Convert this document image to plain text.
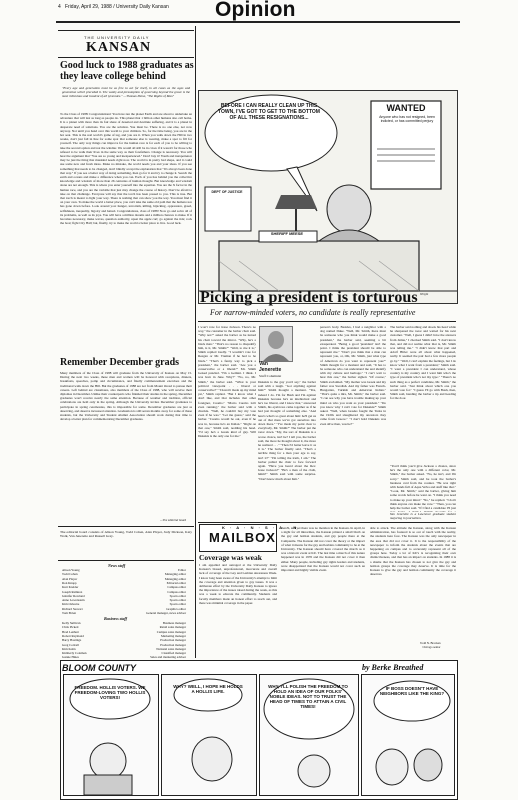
4 Friday, April 29, 1988 / University Daily Kansan Opinion
THE UNIVERSITY DAILY
KANSAN
Good luck to 1988 graduates as they leave college behind
"Every age and generation must be as free to act for itself, in all cases as the ages and generation which preceded it. The vanity and presumption of governing beyond the grave is the most ridiculous and insolent of all tyrannies." —Thomas Paine, "The Rights of Man"
To the Class of 1988: Congratulations! You have run the planet Earth and are about to undertake an adventure that will last as long as people do. This planet that 1 billion other humans also call home. It is a planet with more than its fair share of deserted and destitute suffering, and it is a planet in desperate need of solutions. You are the solution. You must be. There is no one else, not now anyway. Not until you hand over this world to your children. So, for the time being, you are in the hot seat. This is the real world's game of tag, and you are it. When you walk down the Hill in two weeks, don't just fall in line for some spot that someone else is wearing, make a spot to fill for yourself. The only way things can improve for the human race is for each of you to be willing to take the second option and not the windier. We would all still be in caves if it weren't for those who refused to be walk their lives in the same way as their forefathers. Change is necessary. You will hear the argument that "You are so young and inexperienced." Don't buy it! Youth and inexperience may be just the thing that mankind needs right now. The world is in pretty bad shape, and it could use some new and fresh ideas. Make no mistake, the world needs you and your ideas. If you see something that needs to be changed, don't blindly accept the explanation that "It's always been done that way." If you see a better way of doing something, then go for it and try to change it. Search the earth and oceans and make a difference when you can. Each of you has behind you the collective knowledge and wisdom of more than 26 centuries of human thought. But knowledge and wisdom alone are not enough. This is where you enter yourself into the equation. You are the X factor in the human race, and you are the variable that just may change the course of history. Don't be afraid to take on that challenge. Everyone will say that the torch has been passed to you. This is true. But that torch is meant to light your way. There is nothing that can show you the way. You must find it on your own. To make the world a better place, you can't take the same old path that the human race has gone down before. Look around you: hunger, terrorism, killing, hijacking, oppression, greed, selfishness, inequality, bigotry and hatred. Congratulations, class of 1988! Now go and solve all of its problems, as well as its joys. You will have a million dreams and a million chances to make. If it becomes necessary, make waves, question authority, upset the apple cart; go against the tide; rock the boat; fight City Hall; but, finally, try to make the world a better place to live. Good luck.
Remember December grads
Many members of the Class of 1988 will graduate from the University of Kansas on May 15. During the next two weeks, these men and women will be honored with receptions, dinners, breakfasts, speeches, pomp and circumstance, and finally commencement exercises and the traditional walk down the Hill. But the graduates of 1988 are not from Mount Oread to pursue their careers. Left behind are classmates, also members of the Class of 1988, who will receive their diplomas in December. Unlike their counterparts who finished their studies in the spring, December graduates won't receive nearly the same attention. Because of weather and tradition, official celebrations are held only in the spring. Although the University invites December graduates to participate in spring ceremonies, this is impossible for some. December graduates are just as deserving, and deserve increased attention. Graduation is still seven months away for some of these students, but the University and Student Alumni Association should work during that time to develop a better plan for commemorating December graduates.
—The editorial board
The editorial board consists of Alison Young, Todd Cohen, Alan Player, Judy Dickson, Katy Wolk, Van Jenerette and Russell Gray.
News staff
Alison Young	Editor
Todd Cohen	Managing editor
Alan Player	Managing editor
Ron Knapp	Editorial editor
Kurt Kreider	Campus editor
Joseph Ramirez	Campus editor
Jennifer Rowland	Sports editor
Anne Lowenstein	Sports editor
Kim Osborne	Sports editor
Richard Stewart	Graphics editor
Tom Eblen	General manager, news adviser
Business staff
Kelly Sullivan	Business manager
Chris Pickett	Retail sales manager
Brad Lenhart	Campus sales manager
Robert Raymond	Marketing manager
Barry Hastings	Production manager
Greg Cottrell	Production manager
Kim Kohn	National sales manager
Kimberly Coleman	Classified manager
Jeanne Hines	Sales and marketing adviser
BEFORE I CAN REALLY CLEAN UP THIS TOWN, I'VE GOT TO GET TO THE BOTTOM OF ALL THESE RESIGNATIONS...
WANTED
Anyone who has not resigned, been indicted, or has committed perjury
SHERIFF MEESE
DEPT OF JUSTICE
Wright
Picking a president is torturous
For narrow-minded voters, no candidate is really representative
I won't vote for Jesse Jackson. There's no way," the customer in the barber chair said. "Why not?" asked the barber as he turned his chair toward the mirror. "Why, he's a black man." "That's no reason to disqualify him, is it, Mr. Smith?" "Well, to me it is," Smith replied loudly. "I wouldn't vote for Reagan or Mr. Truman if he had to be black." "That's a funny way to pick a president," the barber said. "Are you a conservative or a liberal?" Mr. Smith looked puzzled. "I'm a Gemini. I think. I was born in June. Why?" "No, no, Mr. Smith," the barber said. "What is your political viewpoint . . . liberal or conservative?" "I haven't made up my mind yet," Smith replied. "But I know what I don't like, and that includes that other foreigner, Cuomo." "Mario Cuomo isn't even running," the barber said with a chuckle. "Well, he couldn't buy my vote even if he was." "Let me guess," said the barber. "Cuomo would be out, even if he was in, because he's an Italian." "Right on that one," Smith said, nodding his head. "I'd say he's a Greek kind of guy. Will Dukakis is the only one for me."
Van
Jenerette
Staff Columnist
Dukakis is the guy you'd say," the barber said with a laugh. "Got anything against him?" Smith thought a moment. "Yes, indeed I do. I'm for Bush and I'm against Dukakis because he's an intellectual and he's too liberal, and I know that," answered Smith, his eyebrows came together as if he had just thought of something else. "And here's what's so great about him: he'll get us out of that mess we've got ourselves into down there." "I've made my point clear to everybody, Mr. Smith?" The barber put the razor down. "My, the sort of Dukakis is a worse choice, isn't he? I tell you, the barber said, the more he thought about it, the more he realized . . ." "Then I'd better leave it as it is." The barber finally said. "That's a terrible thing for a man your age to say, isn't it?" "I'm telling the truth, I am." The barber pulled the chair to face forward again. "Have you heard about the Rev. Jesse Jackson?" "He's a man of the cloth, hmm?" Smith said with some surprise. "Don't know much about him."
person's body. Besides, I had a neighbor with a dog named Duke. "Well, Mr. Smith, there must be someone who you think would make a good president," the barber said, seeming a bit exasperated. "Being a good 'president' isn't the point. I think the president should be able to represent me." "Don't you think that a man can represent you, or, OK, Mr. Smith, just what type of American do you want to represent you?" Smith thought for a moment and said, "It has to be someone who can understand me and identify with my culture and heritage." "I can't wait to hear this one," the barber sighed. "Of course," Smith exclaimed. "My mother was Greek and my father was Swedish. And my father was French-Hungarian, Turkish and American Indian." "That's quite a mix, Mr. Smith," the barber said. "I can see why you have trouble making up your mind on who you want as your president." "Do you know why I can't vote for Dukakis?" Smith asked. "Well, when Greeks fought the Turks in the 1920s and slaughtered my ancestors they came from Greece." "I don't hold Dukakis was even alive then, was he?"
The barber said nothing and shook his head while he sharpened the razor and waited for his next customer. "Well, I guess I didn't have the answers from Jamie," I checked Smith said. "I don't know that, and did not realize what that is, Mr. Smith was telling me." "I didn't know that part and Adolf Hitler were all about what happened, really. It seemed the pair had a few more people go by." "Well, I can't explain the feelings, but I do know what I want from a president," Smith said. "I want a president I can understand, whose country is my country and I want him who's the type of president who's not my type." "There's no such thing as a perfect candidate, Mr. Smith," the barber said. "Just think about which one you would vote for." "I guess I'll go with Bush, then, Smith said, handing the barber a tip and heading for the door.
"You'd think you'd give Jackson a chance, since he's the only one with a different color, Mr. Smith," the barber asked. "No, he isn't, and I'm sorry." Smith said, and he took the barber's business card from the counter. "He was right with hands full of Aqua Velva and stuff like that." "Look, Mr. Smith," said the barber, giving him some words before he went on. "I think you need to make up your mind." "No," he replied. "I don't think anyone can make me vote." "Then, you can help the barber said. "If I find a candidate I'll just
Van Jenerette is a Lawrence graduate student majoring in journalism.
K · A · N · S · A · N
MAILBOX
Coverage was weak
I am appalled and outraged at the University Daily Kansan's biased, unprofessional, inaccurate and overall lack of coverage of the Gay and Lesbian Awareness Week. I know long been aware of the University's attempt to limit the coverage and attention given to gay issues. It was a deliberate effort by the University Daily Kansan to ignore the importance of the issues raised during the week, as this was a week to educate the community. Students and faculty members made an honest effort to reach out, and there was minimal coverage in the paper.
march, and yet there was no mention in the Kansan. In April, in a night for all minorities, the Kansan printed a small blurb on the gay and lesbian students, and gay people there at the Campanile. The Kansan did not cover the theory or the impact of what it means for the gay and lesbian community to be at the University. The Kansan should have covered the march as it was a historic event at KU. The last time a march of this nature happened was in 1976 and the Kansan did not cover it then either. Many people, including gay rights leaders and students, were disappointed that the Kansan would not cover such an important and highly visible event.
able to attack. The attitude the Kansan, along with the Kansan administration, has fostered is so out of touch with the reality, the students here face. The Kansan was the only newspaper in the area that did not cover it. It is the responsibility of the newspaper to inform the students about the events that are happening on campus and to accurately represent all of the groups here. Today a lot of KU's is recognizing their own distinctiveness, and that has an impact on students. In 1988 it is a shame that the Kansan has chosen to not give the gay and lesbian groups the coverage they deserve. It is time for the Kansan to give the gay and lesbian community the coverage it deserves.
Todd N. Bracken
Chicago senior
BLOOM COUNTY	by Berke Breathed
FREEDOM. HOLLIS VOTERS. WE FREEDOM-LOVING TWO HOLLIS VOTERS!
WHY? WELL, I HOPE HE HOLDS A HOLLIS LIFE.
WHY, I'LL POLISH THE FREEDOM TO HOLD AN IDEA OF OUR FOLKS' NOBLE IDEAS. NOT TO TRUST THE HEAD OF TIMES TO ATTAIN A CIVIL TIMES!
IF BOSS DOESN'T HAVE NEIGHBORS LIKE THE KING?
